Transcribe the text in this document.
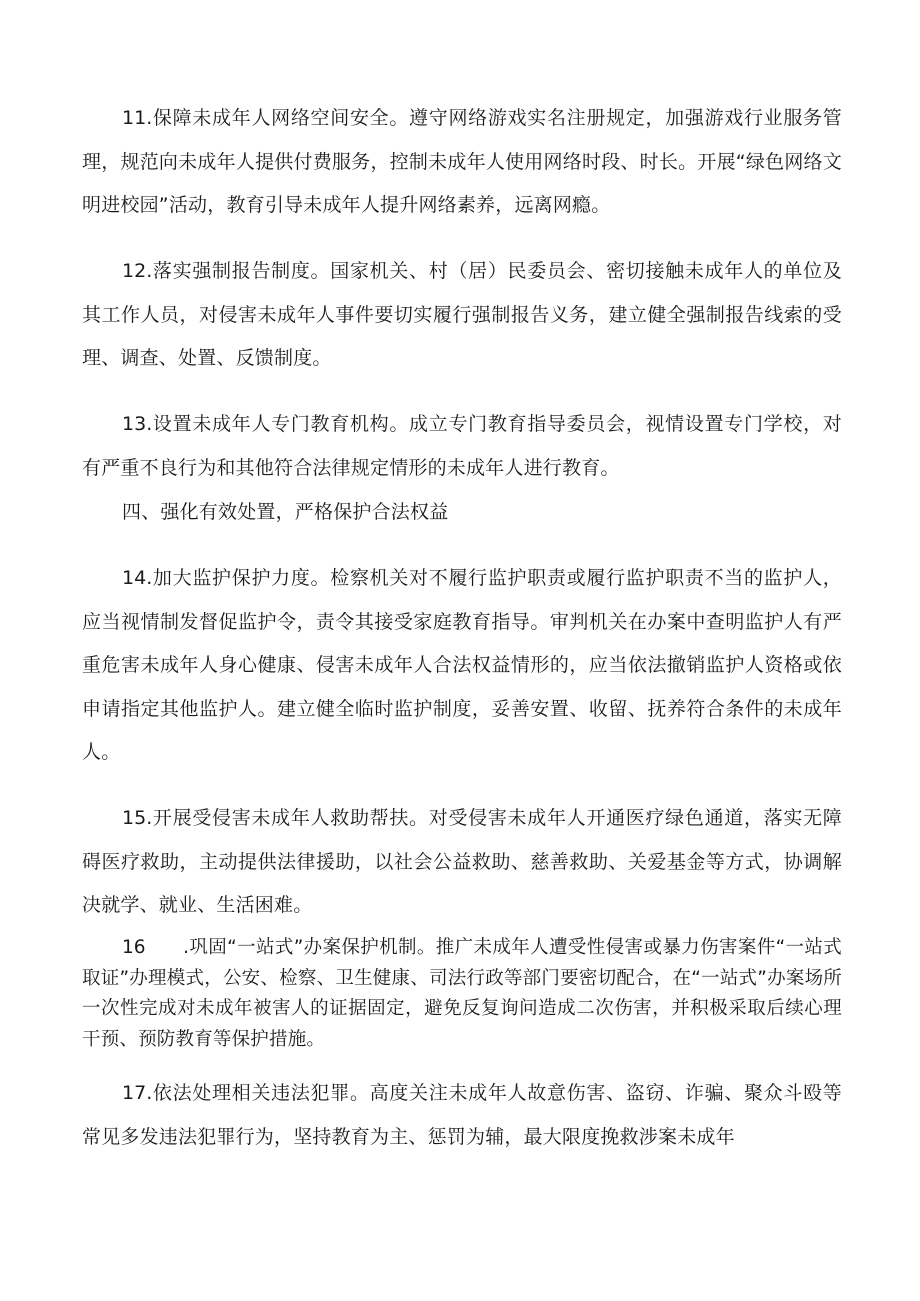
11.保障未成年人网络空间安全。遵守网络游戏实名注册规定，加强游戏行业服务管理，规范向未成年人提供付费服务，控制未成年人使用网络时段、时长。开展“绿色网络文明进校园”活动，教育引导未成年人提升网络素养，远离网瘾。

12.落实强制报告制度。国家机关、村（居）民委员会、密切接触未成年人的单位及其工作人员，对侵害未成年人事件要切实履行强制报告义务，建立健全强制报告线索的受理、调查、处置、反馈制度。

13.设置未成年人专门教育机构。成立专门教育指导委员会，视情设置专门学校，对有严重不良行为和其他符合法律规定情形的未成年人进行教育。

四、强化有效处置，严格保护合法权益

14.加大监护保护力度。检察机关对不履行监护职责或履行监护职责不当的监护人，应当视情制发督促监护令，责令其接受家庭教育指导。审判机关在办案中查明监护人有严重危害未成年人身心健康、侵害未成年人合法权益情形的，应当依法撤销监护人资格或依申请指定其他监护人。建立健全临时监护制度，妥善安置、收留、抚养符合条件的未成年人。

15.开展受侵害未成年人救助帮扶。对受侵害未成年人开通医疗绿色通道，落实无障碍医疗救助，主动提供法律援助，以社会公益救助、慈善救助、关爱基金等方式，协调解决就学、就业、生活困难。

16 .巩固“一站式”办案保护机制。推广未成年人遭受性侵害或暴力伤害案件“一站式取证”办理模式，公安、检察、卫生健康、司法行政等部门要密切配合，在“一站式”办案场所一次性完成对未成年被害人的证据固定，避免反复询问造成二次伤害，并积极采取后续心理干预、预防教育等保护措施。

17.依法处理相关违法犯罪。高度关注未成年人故意伤害、盗窃、诈骗、聚众斗殴等常见多发违法犯罪行为，坚持教育为主、惩罚为辅，最大限度挽救涉案未成年
